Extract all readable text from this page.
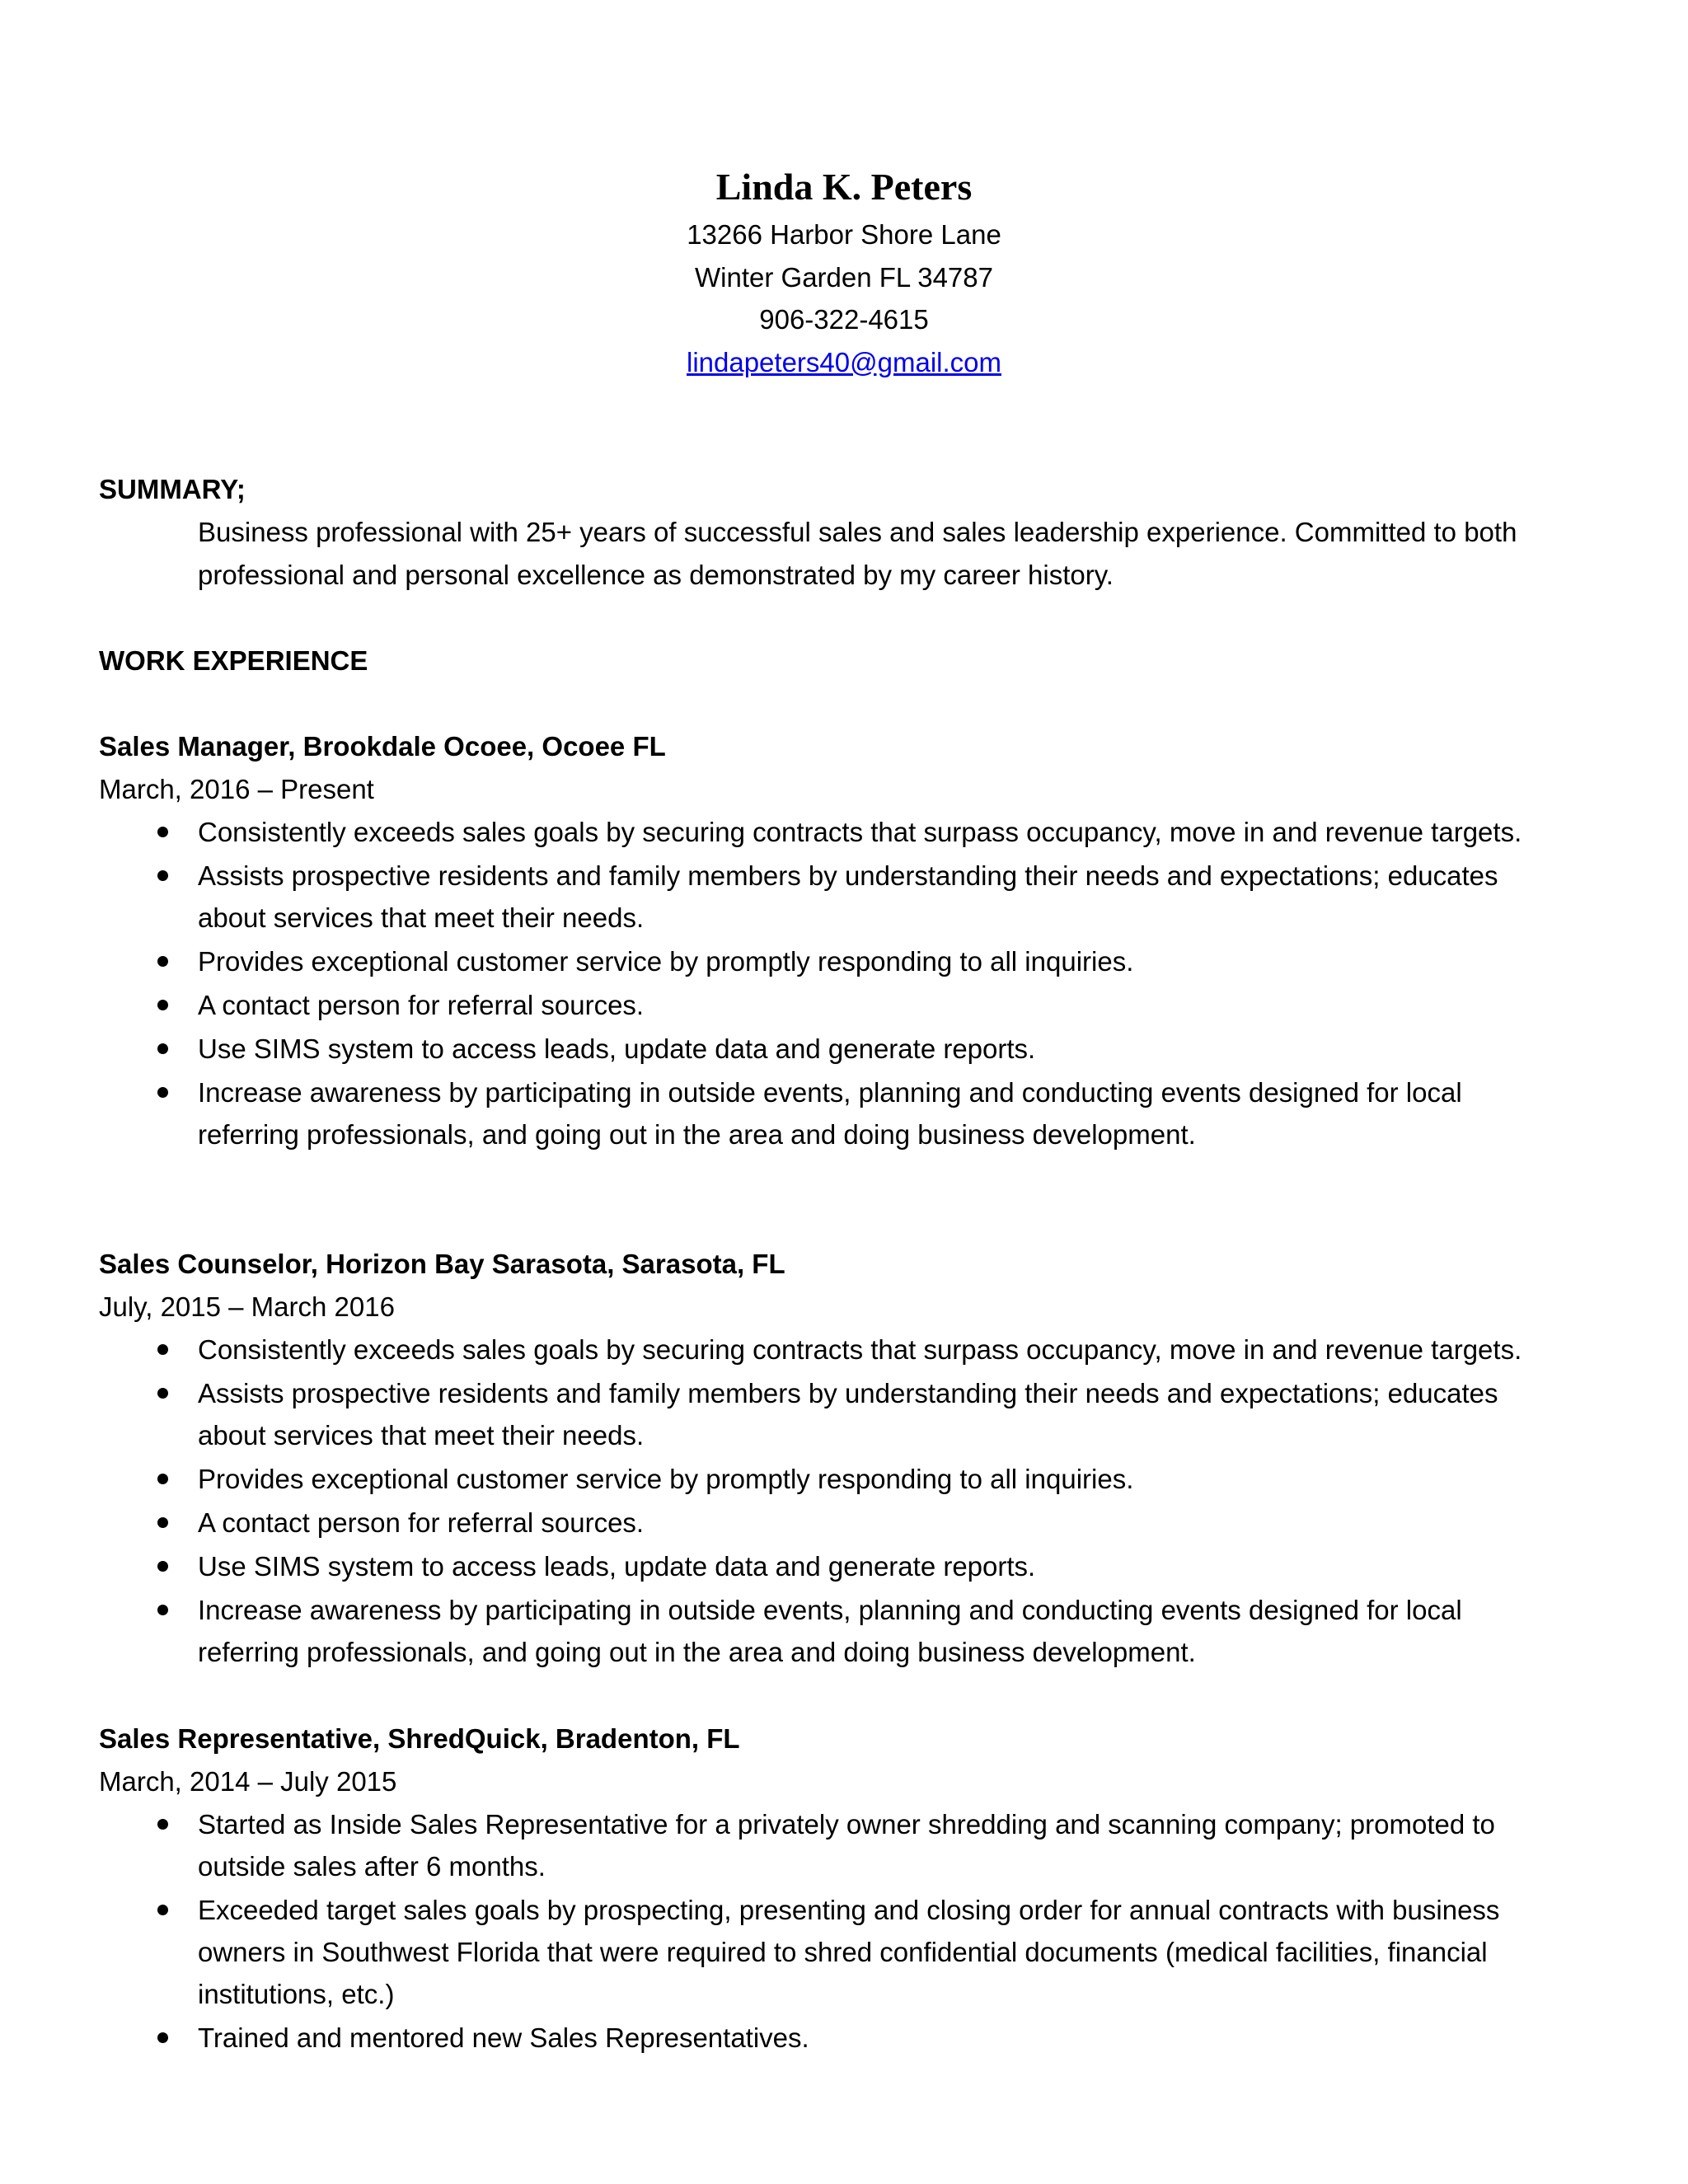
Linda K. Peters
13266 Harbor Shore Lane
Winter Garden FL 34787
906-322-4615
lindapeters40@gmail.com

SUMMARY;

Business professional with 25+ years of successful sales and sales leadership experience. Committed to both professional and personal excellence as demonstrated by my career history.

WORK EXPERIENCE

Sales Manager, Brookdale Ocoee, Ocoee FL

March, 2016 – Present

Consistently exceeds sales goals by securing contracts that surpass occupancy, move in and revenue targets.
Assists prospective residents and family members by understanding their needs and expectations; educates about services that meet their needs.
Provides exceptional customer service by promptly responding to all inquiries.
A contact person for referral sources.
Use SIMS system to access leads, update data and generate reports.
Increase awareness by participating in outside events, planning and conducting events designed for local referring professionals, and going out in the area and doing business development.

Sales Counselor, Horizon Bay Sarasota, Sarasota, FL

July, 2015 – March 2016

Consistently exceeds sales goals by securing contracts that surpass occupancy, move in and revenue targets.
Assists prospective residents and family members by understanding their needs and expectations; educates about services that meet their needs.
Provides exceptional customer service by promptly responding to all inquiries.
A contact person for referral sources.
Use SIMS system to access leads, update data and generate reports.
Increase awareness by participating in outside events, planning and conducting events designed for local referring professionals, and going out in the area and doing business development.

Sales Representative, ShredQuick, Bradenton, FL

March, 2014 – July 2015

Started as Inside Sales Representative for a privately owner shredding and scanning company; promoted to outside sales after 6 months.
Exceeded target sales goals by prospecting, presenting and closing order for annual contracts with business owners in Southwest Florida that were required to shred confidential documents (medical facilities, financial institutions, etc.)
Trained and mentored new Sales Representatives.
